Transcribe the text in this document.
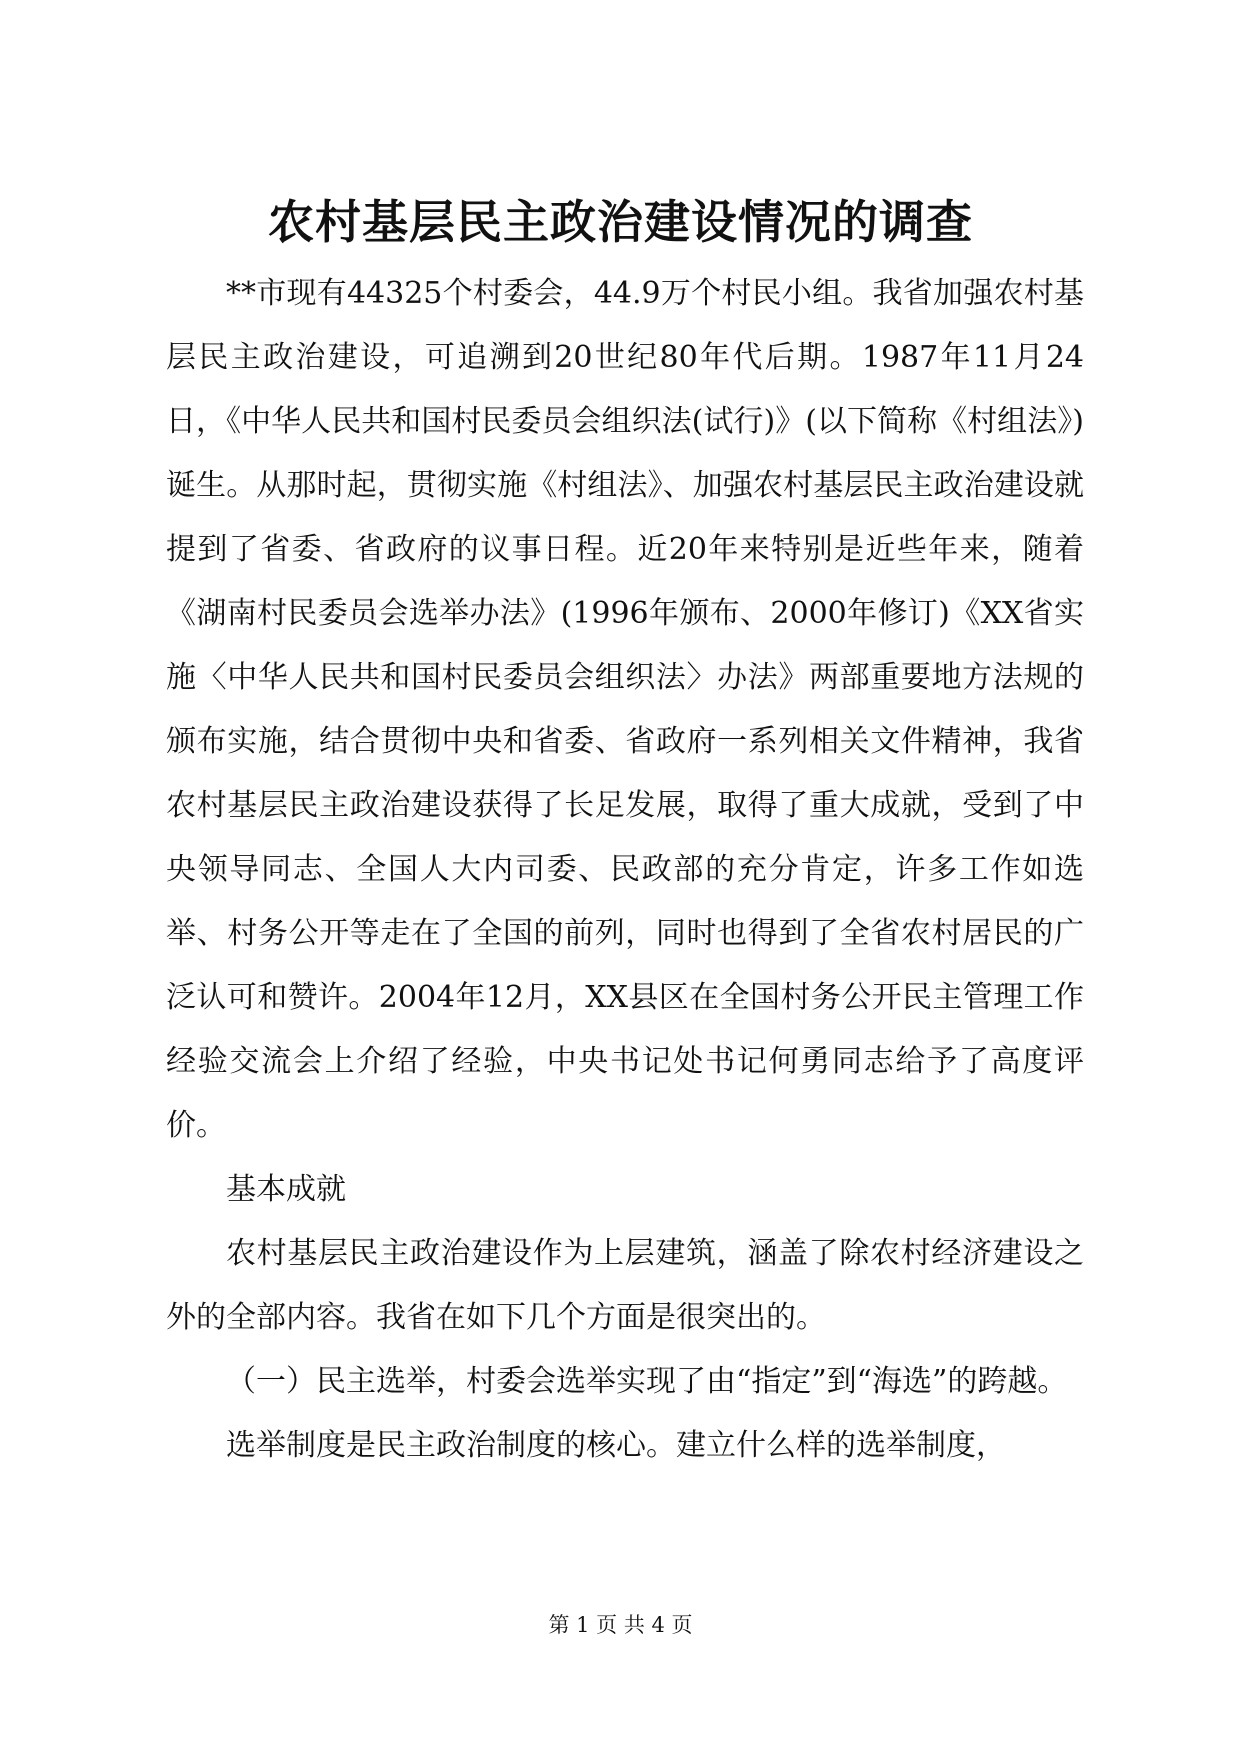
农村基层民主政治建设情况的调查

**市现有44325个村委会，44.9万个村民小组。我省加强农村基层民主政治建设，可追溯到20世纪80年代后期。1987年11月24日，《中华人民共和国村民委员会组织法(试行)》(以下简称《村组法》)诞生。从那时起，贯彻实施《村组法》、加强农村基层民主政治建设就提到了省委、省政府的议事日程。近20年来特别是近些年来，随着《湖南村民委员会选举办法》(1996年颁布、2000年修订)《XX省实施〈中华人民共和国村民委员会组织法〉办法》两部重要地方法规的颁布实施，结合贯彻中央和省委、省政府一系列相关文件精神，我省农村基层民主政治建设获得了长足发展，取得了重大成就，受到了中央领导同志、全国人大内司委、民政部的充分肯定，许多工作如选举、村务公开等走在了全国的前列，同时也得到了全省农村居民的广泛认可和赞许。2004年12月，XX县区在全国村务公开民主管理工作经验交流会上介绍了经验，中央书记处书记何勇同志给予了高度评价。

基本成就

农村基层民主政治建设作为上层建筑，涵盖了除农村经济建设之外的全部内容。我省在如下几个方面是很突出的。

（一）民主选举，村委会选举实现了由“指定”到“海选”的跨越。

选举制度是民主政治制度的核心。建立什么样的选举制度，

第 1 页 共 4 页
